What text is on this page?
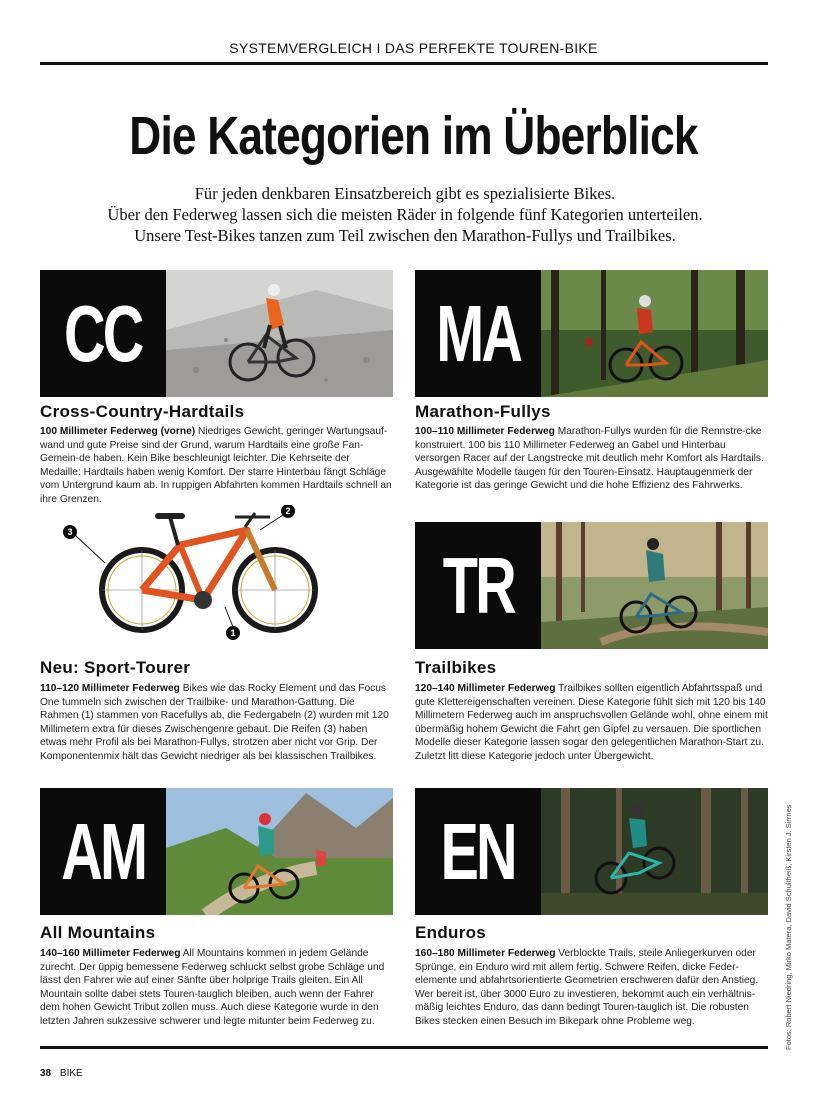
SYSTEMVERGLEICH I DAS PERFEKTE TOUREN-BIKE
Die Kategorien im Überblick
Für jeden denkbaren Einsatzbereich gibt es spezialisierte Bikes.
Über den Federweg lassen sich die meisten Räder in folgende fünf Kategorien unterteilen.
Unsere Test-Bikes tanzen zum Teil zwischen den Marathon-Fullys und Trailbikes.
CC
Cross-Country-Hardtails
100 Millimeter Federweg (vorne) Niedriges Gewicht, geringer Wartungsauf-wand und gute Preise sind der Grund, warum Hardtails eine große Fan-Gemein-de haben. Kein Bike beschleunigt leichter. Die Kehrseite der Medaille: Hardtails haben wenig Komfort. Der starre Hinterbau fängt Schläge vom Untergrund kaum ab. In ruppigen Abfahrten kommen Hardtails schnell an ihre Grenzen.
MA
Marathon-Fullys
100–110 Millimeter Federweg Marathon-Fullys wurden für die Rennstre-cke konstruiert. 100 bis 110 Millimeter Federweg an Gabel und Hinterbau versorgen Racer auf der Langstrecke mit deutlich mehr Komfort als Hardtails. Ausgewählte Modelle taugen für den Touren-Einsatz. Hauptaugenmerk der Kategorie ist das geringe Gewicht und die hohe Effizienz des Fahrwerks.
1
2
3
Neu: Sport-Tourer
110–120 Millimeter Federweg Bikes wie das Rocky Element und das Focus One tummeln sich zwischen der Trailbike- und Marathon-Gattung. Die Rahmen (1) stammen von Racefullys ab, die Federgabeln (2) wurden mit 120 Millimetern extra für dieses Zwischengenre gebaut. Die Reifen (3) haben etwas mehr Profil als bei Marathon-Fullys, strotzen aber nicht vor Grip. Der Komponentenmix hält das Gewicht niedriger als bei klassischen Trailbikes.
TR
Trailbikes
120–140 Millimeter Federweg Trailbikes sollten eigentlich Abfahrtsspaß und gute Klettereigenschaften vereinen. Diese Kategorie fühlt sich mit 120 bis 140 Millimetern Federweg auch im anspruchsvollen Gelände wohl, ohne einem mit übermäßig hohem Gewicht die Fahrt gen Gipfel zu versauen. Die sportlichen Modelle dieser Kategorie lassen sogar den gelegentlichen Marathon-Start zu. Zuletzt litt diese Kategorie jedoch unter Übergewicht.
AM
All Mountains
140–160 Millimeter Federweg All Mountains kommen in jedem Gelände zurecht. Der üppig bemessene Federweg schluckt selbst grobe Schläge und lässt den Fahrer wie auf einer Sänfte über holprige Trails gleiten. Ein All Mountain sollte dabei stets Touren-tauglich bleiben, auch wenn der Fahrer dem hohen Gewicht Tribut zollen muss. Auch diese Kategorie wurde in den letzten Jahren sukzessive schwerer und legte mitunter beim Federweg zu.
EN
Enduros
160–180 Millimeter Federweg Verblockte Trails, steile Anliegerkurven oder Sprünge, ein Enduro wird mit allem fertig. Schwere Reifen, dicke Feder-elemente und abfahrtsorientierte Geometrien erschweren dafür den Anstieg. Wer bereit ist, über 3000 Euro zu investieren, bekommt auch ein verhältnis-mäßig leichtes Enduro, das dann bedingt Touren-tauglich ist. Die robusten Bikes stecken einen Besuch im Bikepark ohne Probleme weg.	Fotos: Robert Niedring, Mirko Matera, David Schultheiß, Kirsten J. Sirrnes
38 BIKE
